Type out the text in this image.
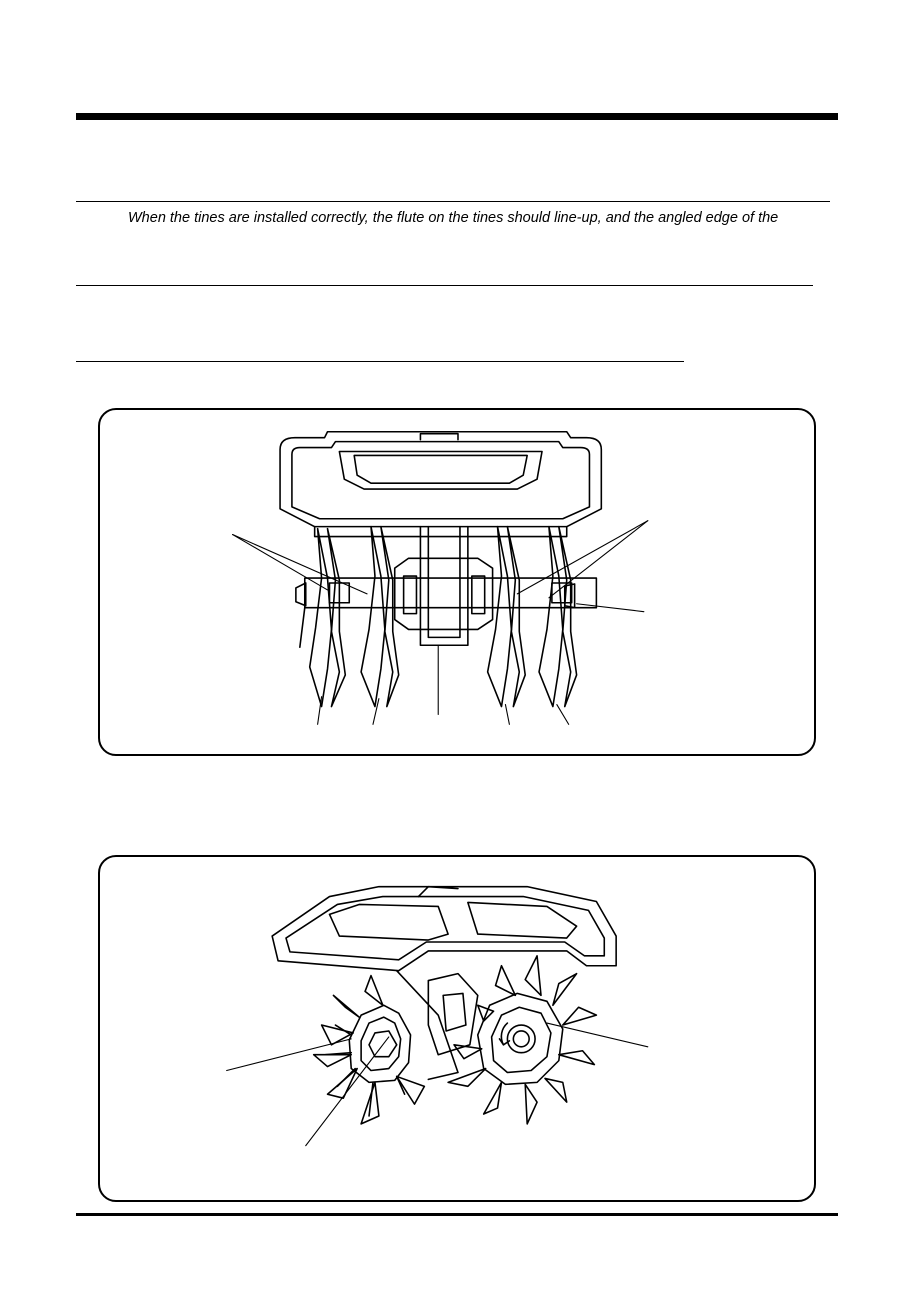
When the tines are installed correctly, the flute on the tines should line-up, and the angled edge of the
